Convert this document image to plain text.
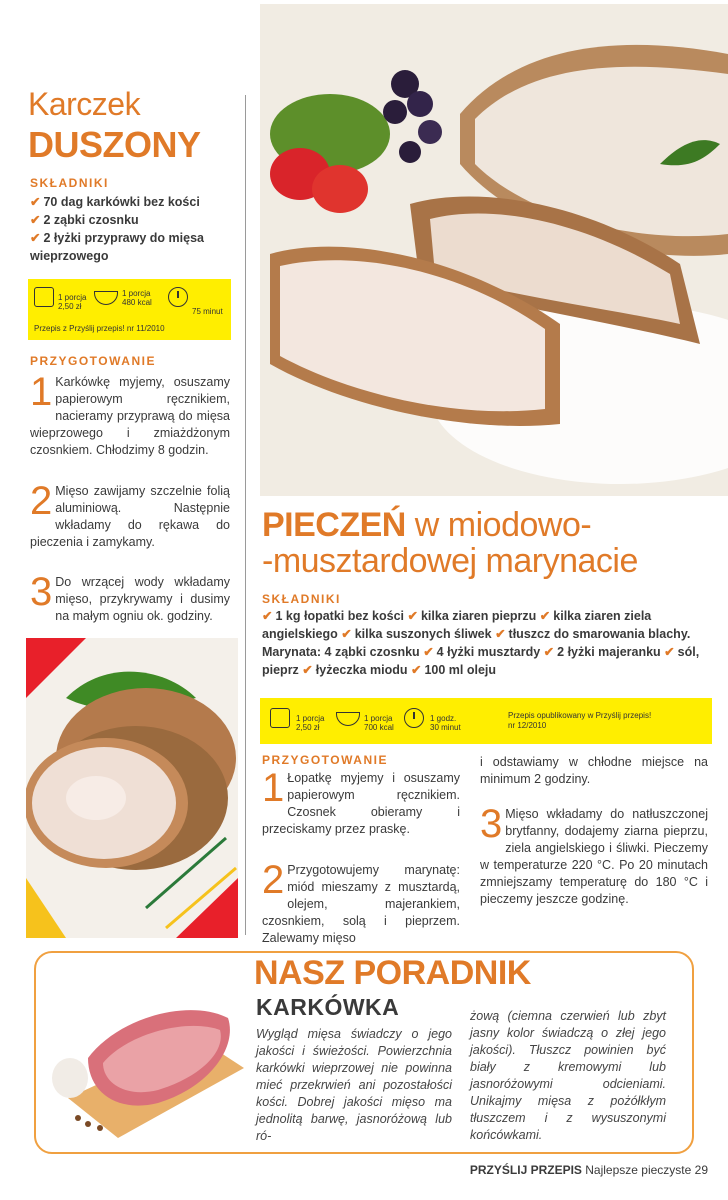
Karczek
DUSZONY
SKŁADNIKI
✔ 70 dag karkówki bez kości
✔ 2 ząbki czosnku
✔ 2 łyżki przyprawy do mięsa wieprzowego
1 porcja
2,50 zł
1 porcja
480 kcal
75 minut
Przepis z Przyślij przepis! nr 11/2010
PRZYGOTOWANIE
1 Karkówkę myjemy, osuszamy papierowym ręcznikiem, nacieramy przyprawą do mięsa wieprzowego i zmiażdżonym czosnkiem. Chłodzimy 8 godzin.
2 Mięso zawijamy szczelnie folią aluminiową. Następnie wkładamy do rękawa do pieczenia i zamykamy.
3 Do wrzącej wody wkładamy mięso, przykrywamy i dusimy na małym ogniu ok. godziny.
PIECZEŃ w miodowo-
-musztardowej marynacie
SKŁADNIKI
✔ 1 kg łopatki bez kości ✔ kilka ziaren pieprzu ✔ kilka ziaren ziela angielskiego ✔ kilka suszonych śliwek ✔ tłuszcz do smarowania blachy.
Marynata: 4 ząbki czosnku ✔ 4 łyżki musztardy ✔ 2 łyżki majeranku ✔ sól, pieprz ✔ łyżeczka miodu ✔ 100 ml oleju
1 porcja
2,50 zł
1 porcja
700 kcal
1 godz.
30 minut
Przepis opublikowany w Przyślij przepis!
nr 12/2010
PRZYGOTOWANIE
1 Łopatkę myjemy i osuszamy papierowym ręcznikiem. Czosnek obieramy i przeciskamy przez praskę.
2 Przygotowujemy marynatę: miód mieszamy z musztardą, olejem, majerankiem, czosnkiem, solą i pieprzem. Zalewamy mięso
i odstawiamy w chłodne miejsce na minimum 2 godziny.
3 Mięso wkładamy do natłuszczonej brytfanny, dodajemy ziarna pieprzu, ziela angielskiego i śliwki. Pieczemy w temperaturze 220 °C. Po 20 minutach zmniejszamy temperaturę do 180 °C i pieczemy jeszcze godzinę.
NASZ PORADNIK
KARKÓWKA
Wygląd mięsa świadczy o jego jakości i świeżości. Powierzchnia karkówki wieprzowej nie powinna mieć przekrwień ani pozostałości kości. Dobrej jakości mięso ma jednolitą barwę, jasnoróżową lub ró-
żową (ciemna czerwień lub zbyt jasny kolor świadczą o złej jego jakości). Tłuszcz powinien być biały z kremowymi lub jasnoróżowymi odcieniami. Unikajmy mięsa z pożółkłym tłuszczem i z wysuszonymi końcówkami.
PRZYŚLIJ PRZEPIS Najlepsze pieczyste 29
